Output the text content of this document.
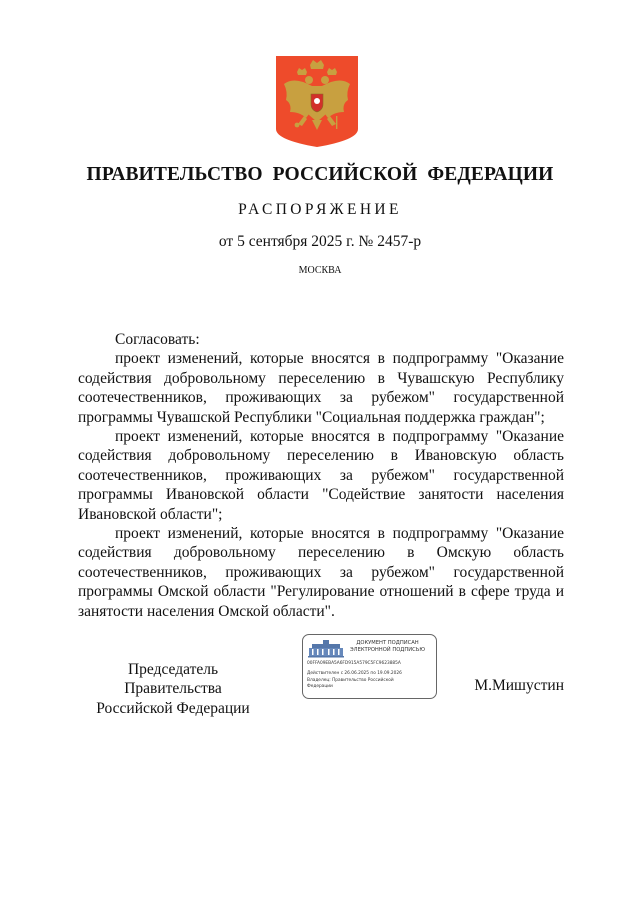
ПРАВИТЕЛЬСТВО РОССИЙСКОЙ ФЕДЕРАЦИИ
РАСПОРЯЖЕНИЕ
от 5 сентября 2025 г. № 2457-р
МОСКВА

Согласовать:

проект изменений, которые вносятся в подпрограмму "Оказание содействия добровольному переселению в Чувашскую Республику соотечественников, проживающих за рубежом" государственной программы Чувашской Республики "Социальная поддержка граждан";

проект изменений, которые вносятся в подпрограмму "Оказание содействия добровольному переселению в Ивановскую область соотечественников, проживающих за рубежом" государственной программы Ивановской области "Содействие занятости населения Ивановской области";

проект изменений, которые вносятся в подпрограмму "Оказание содействия добровольному переселению в Омскую область соотечественников, проживающих за рубежом" государственной программы Омской области "Регулирование отношений в сфере труда и занятости населения Омской области".

Председатель Правительства
Российской Федерации
ДОКУМЕНТ ПОДПИСАН
ЭЛЕКТРОННОЙ ПОДПИСЬЮ
00FFA09EBA5A6FD915A579C5FC9623885A
Действителен с 26.06.2025 по 19.09.2026
Владелец: Правительство Российской
Федерации	М.Мишустин
